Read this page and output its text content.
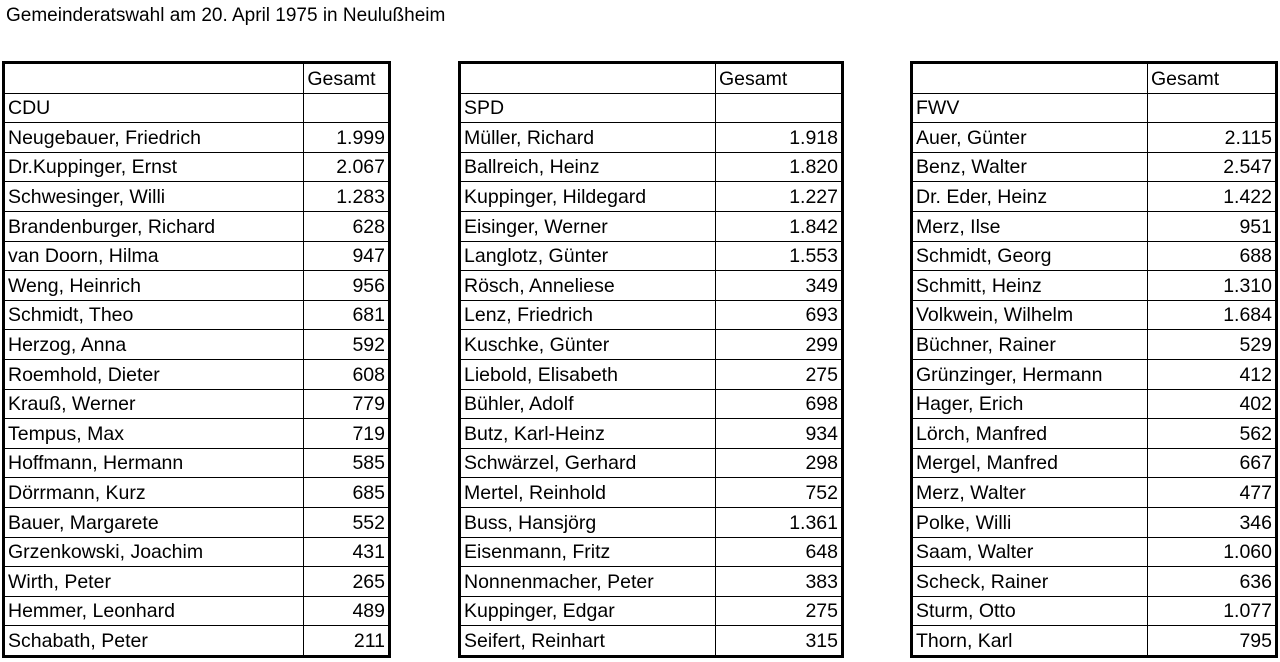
Gemeinderatswahl am 20. April 1975 in Neulußheim
	Gesamt
CDU	
Neugebauer, Friedrich	1.999
Dr.Kuppinger, Ernst	2.067
Schwesinger, Willi	1.283
Brandenburger, Richard	628
van Doorn, Hilma	947
Weng, Heinrich	956
Schmidt, Theo	681
Herzog, Anna	592
Roemhold, Dieter	608
Krauß, Werner	779
Tempus, Max	719
Hoffmann, Hermann	585
Dörrmann, Kurz	685
Bauer, Margarete	552
Grzenkowski, Joachim	431
Wirth, Peter	265
Hemmer, Leonhard	489
Schabath, Peter	211
	Gesamt
SPD	
Müller, Richard	1.918
Ballreich, Heinz	1.820
Kuppinger, Hildegard	1.227
Eisinger, Werner	1.842
Langlotz, Günter	1.553
Rösch, Anneliese	349
Lenz, Friedrich	693
Kuschke, Günter	299
Liebold, Elisabeth	275
Bühler, Adolf	698
Butz, Karl-Heinz	934
Schwärzel, Gerhard	298
Mertel, Reinhold	752
Buss, Hansjörg	1.361
Eisenmann, Fritz	648
Nonnenmacher, Peter	383
Kuppinger, Edgar	275
Seifert, Reinhart	315
	Gesamt
FWV	
Auer, Günter	2.115
Benz, Walter	2.547
Dr. Eder, Heinz	1.422
Merz, Ilse	951
Schmidt, Georg	688
Schmitt, Heinz	1.310
Volkwein, Wilhelm	1.684
Büchner, Rainer	529
Grünzinger, Hermann	412
Hager, Erich	402
Lörch, Manfred	562
Mergel, Manfred	667
Merz, Walter	477
Polke, Willi	346
Saam, Walter	1.060
Scheck, Rainer	636
Sturm, Otto	1.077
Thorn, Karl	795
